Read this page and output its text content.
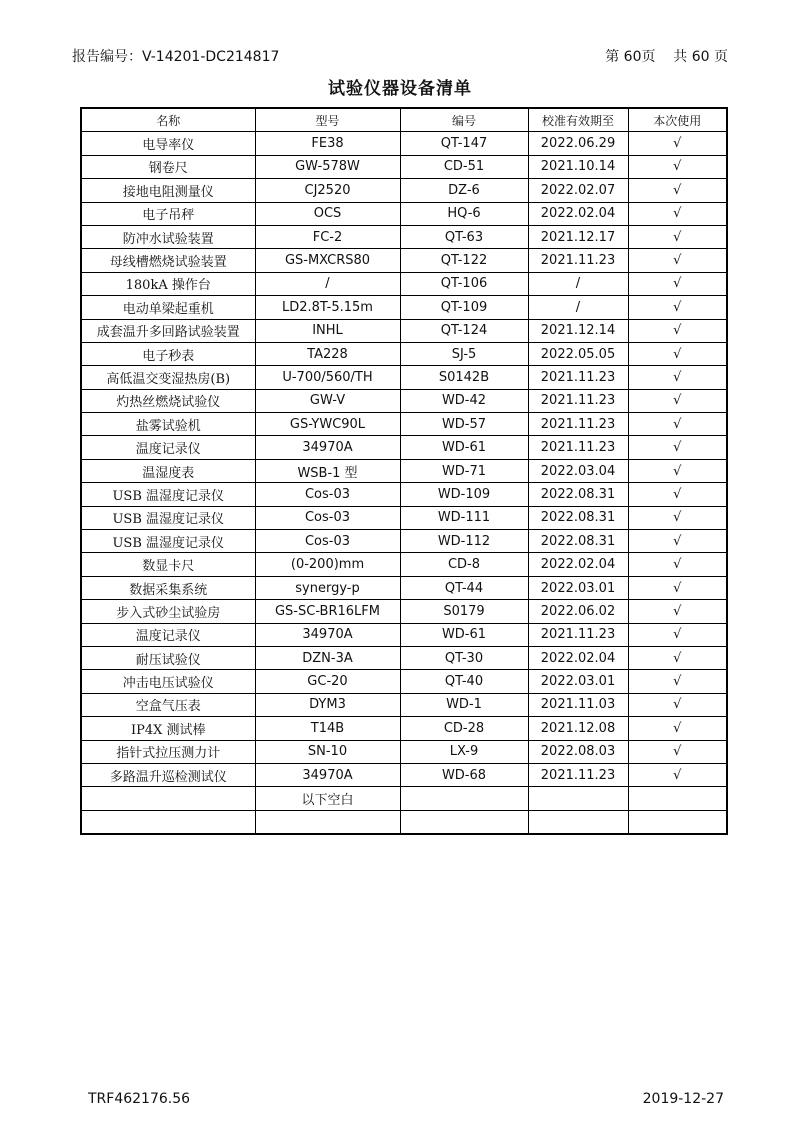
报告编号：V-14201-DC214817	第 60页    共 60 页
试验仪器设备清单
名称	型号	编号	校准有效期至	本次使用
电导率仪	FE38	QT-147	2022.06.29	√
钢卷尺	GW-578W	CD-51	2021.10.14	√
接地电阻测量仪	CJ2520	DZ-6	2022.02.07	√
电子吊秤	OCS	HQ-6	2022.02.04	√
防冲水试验装置	FC-2	QT-63	2021.12.17	√
母线槽燃烧试验装置	GS-MXCRS80	QT-122	2021.11.23	√
180kA 操作台	/	QT-106	/	√
电动单梁起重机	LD2.8T-5.15m	QT-109	/	√
成套温升多回路试验装置	INHL	QT-124	2021.12.14	√
电子秒表	TA228	SJ-5	2022.05.05	√
高低温交变湿热房(B)	U-700/560/TH	S0142B	2021.11.23	√
灼热丝燃烧试验仪	GW-V	WD-42	2021.11.23	√
盐雾试验机	GS-YWC90L	WD-57	2021.11.23	√
温度记录仪	34970A	WD-61	2021.11.23	√
温湿度表	WSB-1 型	WD-71	2022.03.04	√
USB 温湿度记录仪	Cos-03	WD-109	2022.08.31	√
USB 温湿度记录仪	Cos-03	WD-111	2022.08.31	√
USB 温湿度记录仪	Cos-03	WD-112	2022.08.31	√
数显卡尺	(0-200)mm	CD-8	2022.02.04	√
数据采集系统	synergy-p	QT-44	2022.03.01	√
步入式砂尘试验房	GS-SC-BR16LFM	S0179	2022.06.02	√
温度记录仪	34970A	WD-61	2021.11.23	√
耐压试验仪	DZN-3A	QT-30	2022.02.04	√
冲击电压试验仪	GC-20	QT-40	2022.03.01	√
空盒气压表	DYM3	WD-1	2021.11.03	√
IP4X 测试棒	T14B	CD-28	2021.12.08	√
指针式拉压测力计	SN-10	LX-9	2022.08.03	√
多路温升巡检测试仪	34970A	WD-68	2021.11.23	√
	以下空白			

TRF462176.56	2019-12-27
